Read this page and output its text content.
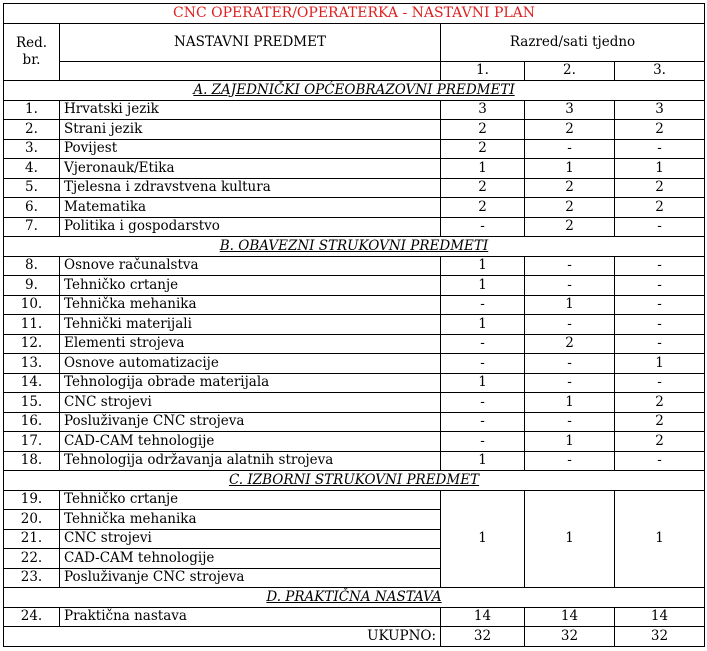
CNC OPERATER/OPERATERKA - NASTAVNI PLAN				
Red.
br.	NASTAVNI PREDMET	Razred/sati tjedno		
		1.	2.	3.
A. ZAJEDNIČKI OPĆEOBRAZOVNI PREDMETI				
1.	Hrvatski jezik	3	3	3
2.	Strani jezik	2	2	2
3.	Povijest	2	-	-
4.	Vjeronauk/Etika	1	1	1
5.	Tjelesna i zdravstvena kultura	2	2	2
6.	Matematika	2	2	2
7.	Politika i gospodarstvo	-	2	-
B. OBAVEZNI STRUKOVNI PREDMETI				
8.	Osnove računalstva	1	-	-
9.	Tehničko crtanje	1	-	-
10.	Tehnička mehanika	-	1	-
11.	Tehnički materijali	1	-	-
12.	Elementi strojeva	-	2	-
13.	Osnove automatizacije	-	-	1
14.	Tehnologija obrade materijala	1	-	-
15.	CNC strojevi	-	1	2
16.	Posluživanje CNC strojeva	-	-	2
17.	CAD-CAM tehnologije	-	1	2
18.	Tehnologija održavanja alatnih strojeva	1	-	-
C. IZBORNI STRUKOVNI PREDMET				
19.	Tehničko crtanje	1	1	1
20.	Tehnička mehanika			
21.	CNC strojevi			
22.	CAD-CAM tehnologije			
23.	Posluživanje CNC strojeva			
D. PRAKTIČNA NASTAVA				
24.	Praktična nastava	14	14	14
UKUPNO:		32	32	32
